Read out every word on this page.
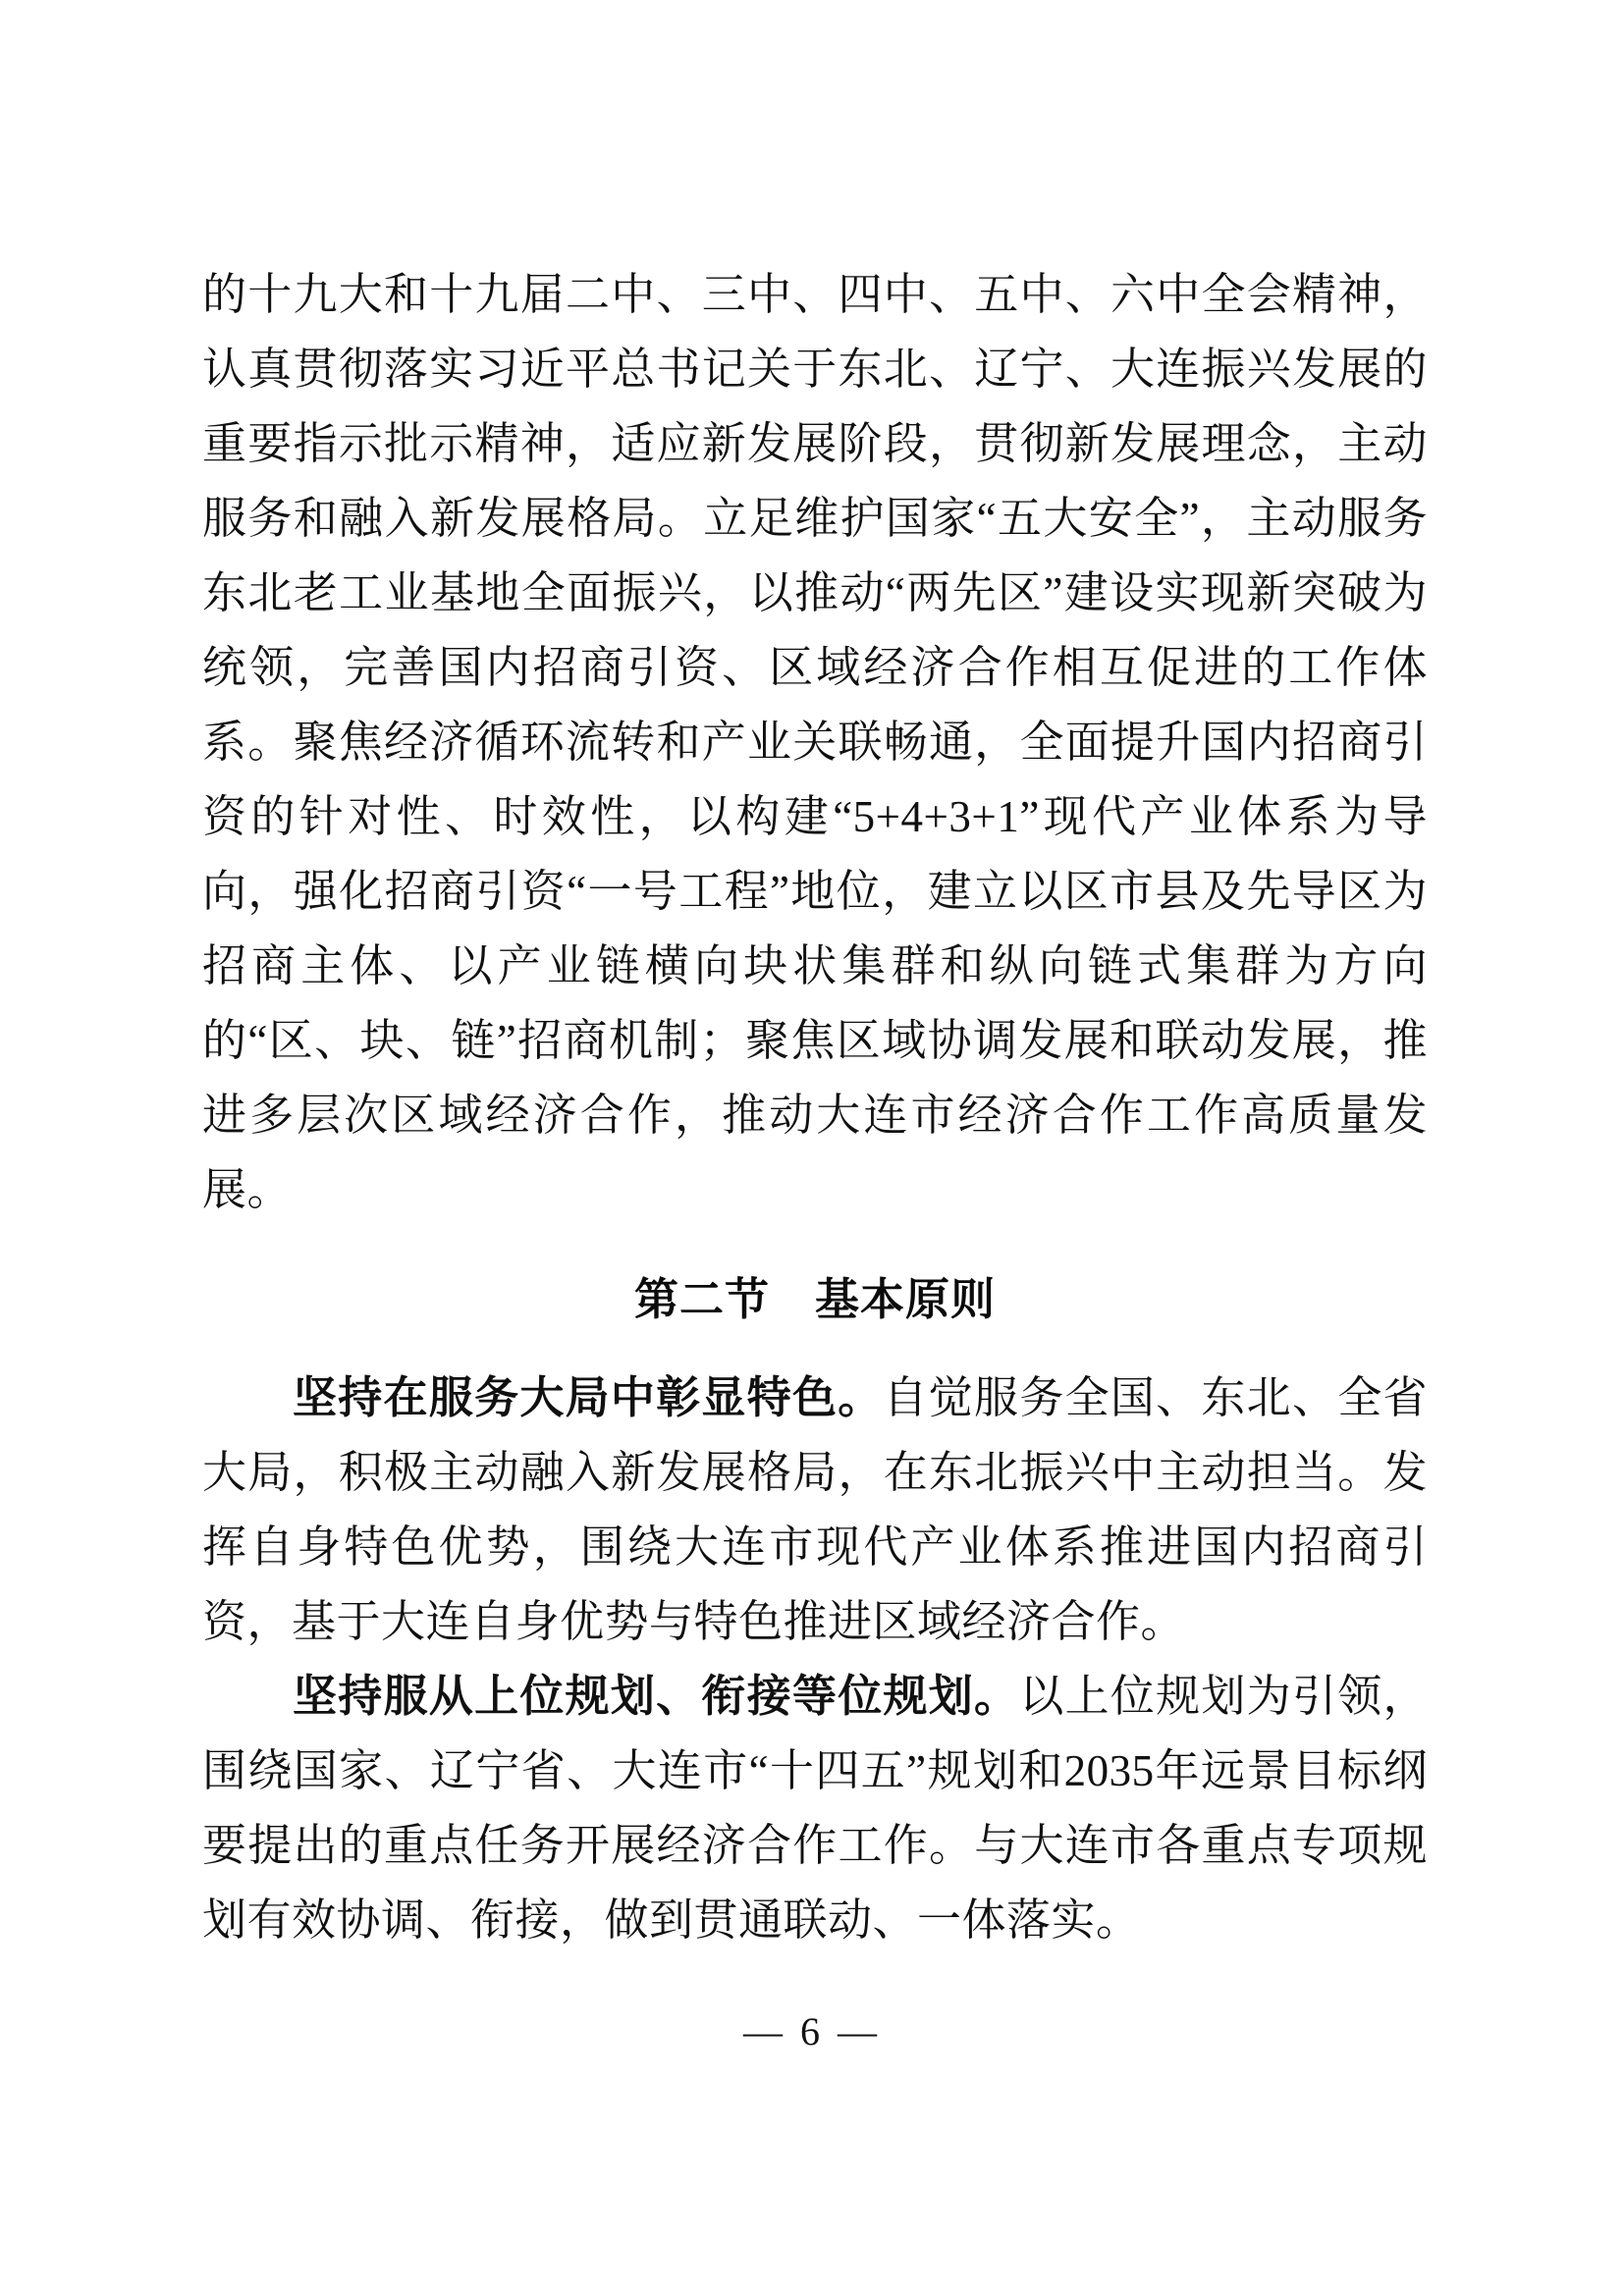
的十九大和十九届二中、三中、四中、五中、六中全会精神，认真贯彻落实习近平总书记关于东北、辽宁、大连振兴发展的重要指示批示精神，适应新发展阶段，贯彻新发展理念，主动服务和融入新发展格局。立足维护国家“五大安全”，主动服务东北老工业基地全面振兴，以推动“两先区”建设实现新突破为统领，完善国内招商引资、区域经济合作相互促进的工作体系。聚焦经济循环流转和产业关联畅通，全面提升国内招商引资的针对性、时效性，以构建“5+4+3+1”现代产业体系为导向，强化招商引资“一号工程”地位，建立以区市县及先导区为招商主体、以产业链横向块状集群和纵向链式集群为方向的“区、块、链”招商机制；聚焦区域协调发展和联动发展，推进多层次区域经济合作，推动大连市经济合作工作高质量发展。

第二节 基本原则

坚持在服务大局中彰显特色。自觉服务全国、东北、全省大局，积极主动融入新发展格局，在东北振兴中主动担当。发挥自身特色优势，围绕大连市现代产业体系推进国内招商引资，基于大连自身优势与特色推进区域经济合作。

坚持服从上位规划、衔接等位规划。以上位规划为引领，围绕国家、辽宁省、大连市“十四五”规划和2035年远景目标纲要提出的重点任务开展经济合作工作。与大连市各重点专项规划有效协调、衔接，做到贯通联动、一体落实。

— 6 —
